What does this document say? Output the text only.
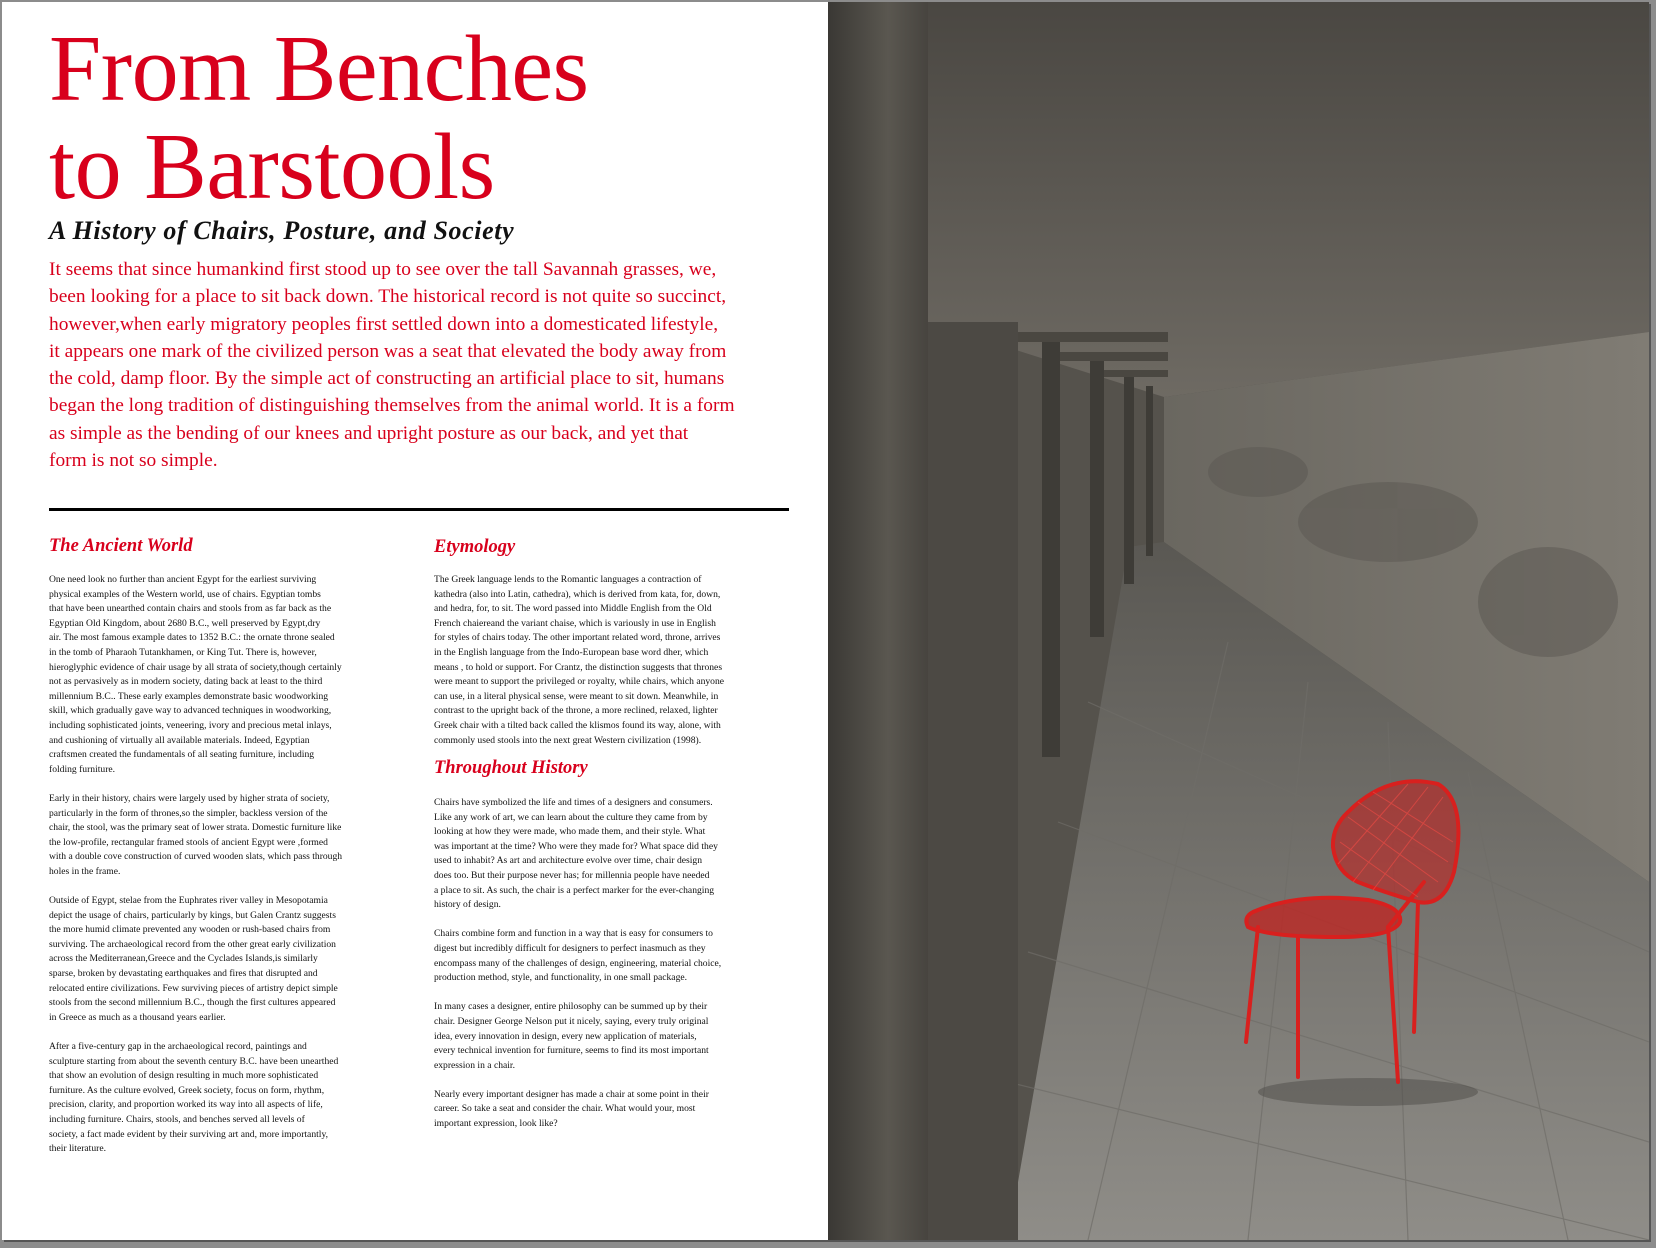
From Benches
to Barstools
A History of Chairs, Posture, and Society

It seems that since humankind first stood up to see over the tall Savannah grasses, we,
been looking for a place to sit back down. The historical record is not quite so succinct,
however,when early migratory peoples first settled down into a domesticated lifestyle,
it appears one mark of the civilized person was a seat that elevated the body away from
the cold, damp floor. By the simple act of constructing an artificial place to sit, humans
began the long tradition of distinguishing themselves from the animal world. It is a form
as simple as the bending of our knees and upright posture as our back, and yet that
form is not so simple.

The Ancient World

One need look no further than ancient Egypt for the earliest surviving
physical examples of the Western world, use of chairs. Egyptian tombs
that have been unearthed contain chairs and stools from as far back as the
Egyptian Old Kingdom, about 2680 B.C., well preserved by Egypt,dry
air. The most famous example dates to 1352 B.C.: the ornate throne sealed
in the tomb of Pharaoh Tutankhamen, or King Tut. There is, however,
hieroglyphic evidence of chair usage by all strata of society,though certainly
not as pervasively as in modern society, dating back at least to the third
millennium B.C.. These early examples demonstrate basic woodworking
skill, which gradually gave way to advanced techniques in woodworking,
including sophisticated joints, veneering, ivory and precious metal inlays,
and cushioning of virtually all available materials. Indeed, Egyptian
craftsmen created the fundamentals of all seating furniture, including
folding furniture.

Early in their history, chairs were largely used by higher strata of society,
particularly in the form of thrones,so the simpler, backless version of the
chair, the stool, was the primary seat of lower strata. Domestic furniture like
the low-profile, rectangular framed stools of ancient Egypt were ,formed
with a double cove construction of curved wooden slats, which pass through
holes in the frame.

Outside of Egypt, stelae from the Euphrates river valley in Mesopotamia
depict the usage of chairs, particularly by kings, but Galen Crantz suggests
the more humid climate prevented any wooden or rush-based chairs from
surviving. The archaeological record from the other great early civilization
across the Mediterranean,Greece and the Cyclades Islands,is similarly
sparse, broken by devastating earthquakes and fires that disrupted and
relocated entire civilizations. Few surviving pieces of artistry depict simple
stools from the second millennium B.C., though the first cultures appeared
in Greece as much as a thousand years earlier.

After a five-century gap in the archaeological record, paintings and
sculpture starting from about the seventh century B.C. have been unearthed
that show an evolution of design resulting in much more sophisticated
furniture. As the culture evolved, Greek society, focus on form, rhythm,
precision, clarity, and proportion worked its way into all aspects of life,
including furniture. Chairs, stools, and benches served all levels of
society, a fact made evident by their surviving art and, more importantly,
their literature.

Etymology

The Greek language lends to the Romantic languages a contraction of
kathedra (also into Latin, cathedra), which is derived from kata, for, down,
and hedra, for, to sit. The word passed into Middle English from the Old
French chaiereand the variant chaise, which is variously in use in English
for styles of chairs today. The other important related word, throne, arrives
in the English language from the Indo-European base word dher, which
means , to hold or support. For Crantz, the distinction suggests that thrones
were meant to support the privileged or royalty, while chairs, which anyone
can use, in a literal physical sense, were meant to sit down. Meanwhile, in
contrast to the upright back of the throne, a more reclined, relaxed, lighter
Greek chair with a tilted back called the klismos found its way, alone, with
commonly used stools into the next great Western civilization (1998).

Throughout History

Chairs have symbolized the life and times of a designers and consumers.
Like any work of art, we can learn about the culture they came from by
looking at how they were made, who made them, and their style. What
was important at the time? Who were they made for? What space did they
used to inhabit? As art and architecture evolve over time, chair design
does too. But their purpose never has; for millennia people have needed
a place to sit. As such, the chair is a perfect marker for the ever-changing
history of design.

Chairs combine form and function in a way that is easy for consumers to
digest but incredibly difficult for designers to perfect inasmuch as they
encompass many of the challenges of design, engineering, material choice,
production method, style, and functionality, in one small package.

In many cases a designer, entire philosophy can be summed up by their
chair. Designer George Nelson put it nicely, saying, every truly original
idea, every innovation in design, every new application of materials,
every technical invention for furniture, seems to find its most important
expression in a chair.

Nearly every important designer has made a chair at some point in their
career. So take a seat and consider the chair. What would your, most
important expression, look like?
